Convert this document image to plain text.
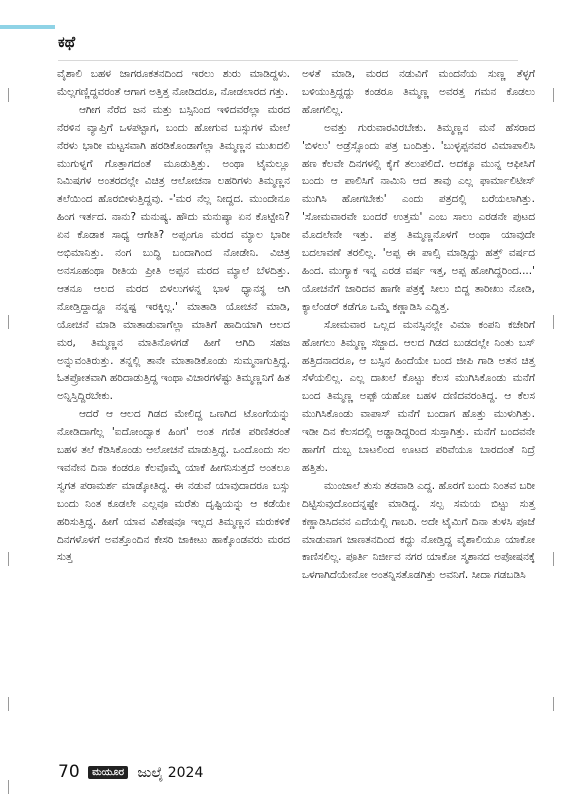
ಕಥೆ

ವೈಶಾಲಿ ಬಹಳ ಜಾಗರೂಕತನದಿಂದ ಇರಲು ಶುರು ಮಾಡಿದ್ದಳು. ಮೆಲ್ಲಗಣ್ಣಿದ್ದವರಂತೆ ಆಗಾಗ ಅತ್ತಿತ್ತ ನೋಡಿದರೂ, ನೋಡಲಾರದ ಗತ್ತು.

ಆಗೀಗ ನೆರೆದ ಜನ ಮತ್ತು ಬಸ್ಸಿನಿಂದ ಇಳಿದವರೆಲ್ಲಾ ಮರದ ನೆರಳಿನ ವ್ಯಾಪ್ತಿಗೆ ಒಳಪಟ್ಟಾಗ, ಬಂದು ಹೋಗುವ ಬಸ್ಸುಗಳ ಮೇಲೆ ನೆರಳು ಭಾರೀ ಮಟ್ಟಸವಾಗಿ ಹರಡಿಕೊಂಡಾಗೆಲ್ಲಾ ತಿಮ್ಮಣ್ಣನ ಮುಖದಲಿ ಮುಗುಳ್ನಗೆ ಗೊತ್ತಾಗದಂತೆ ಮೂಡುತ್ತಿತ್ತು. ಅಂಥಾ ಟೈಮಲ್ಲೂ ನಿಮಿಷಗಳ ಅಂತರದಲ್ಲೇ ವಿಚಿತ್ರ ಆಲೋಚನಾ ಲಹರಿಗಳು ತಿಮ್ಮಣ್ಣನ ತಲೆಯಿಂದ ಹೊರಬೀಳುತ್ತಿದ್ದವು. -'ಮರ ನೆಲ್ಲ ನೀದ್ದದ. ಮುಂದೇನೂ ಹಿಂಗ ಇರ್ತದ. ನಾನು? ಮನುಷ್ಯ. ಹೌದು ಮನುಷ್ಯಾ ಏನ ಕೊಟ್ಟೇನಿ? ಏನ ಕೊಡಾಕ ಸಾಧ್ಯ ಆಗೇತಿ? ಅಪ್ಪಂಗೂ ಮರದ ಮ್ಯಾಲ ಭಾರೀ ಅಭಿಮಾನಿತ್ತು. ನಂಗ ಬುದ್ಧಿ ಬಂದಾಗಿಂದ ನೋಡೇನಿ. ವಿಚಿತ್ರ ಅನಸೂಹಂಥಾ ರೀತಿಯ ಪ್ರೀತಿ ಅಪ್ಪನ ಮರದ ಮ್ಯಾಲೆ ಬೆಳದಿತ್ತು. ಆತನೂ ಆಲದ ಮರದ ಬಿಳಲುಗಳನ್ನ ಭಾಳ ಧ್ಯಾನಸ್ಥ ಆಗಿ ನೋಡ್ತಿದ್ದಾದ್ದೂ ನನ್ನಷ್ಟ ಇರಕ್ಕಿಲ್ಲ.' ಮಾತಾಡಿ ಯೋಚನೆ ಮಾಡಿ, ಯೋಚನೆ ಮಾಡಿ ಮಾತಾಡುವಾಗೆಲ್ಲಾ ಮಾತಿಗೆ ಹಾದಿಯಾಗಿ ಆಲದ ಮರ, ತಿಮ್ಮಣ್ಣನ ಮಾತಿನೊಳಗಡೆ ಹೀಗೆ ಆಗಿದಿ ಸಹಜ ಅನ್ನುವಂತಿರುತ್ತು. ತನ್ನಲ್ಲಿ ತಾನೇ ಮಾತಾಡಿಕೊಂಡು ಸುಮ್ಮನಾಗುತ್ತಿದ್ದ. ಓತಪ್ರೋತವಾಗಿ ಹರಿದಾಡುತ್ತಿದ್ದ ಇಂಥಾ ವಿಚಾರಗಳೆಷ್ಟು ತಿಮ್ಮಣ್ಣನಿಗೆ ಹಿತ ಅನ್ನಿಸ್ತಿದ್ದಿರಬೇಕು.

ಆದರೆ ಆ ಆಲದ ಗಿಡದ ಮೇಲಿದ್ದ ಒಣಗಿದ ಟೊಂಗೆಯನ್ನು ನೋಡಿದಾಗೆಲ್ಲ 'ಐದೋಂದ್ವಾಕ ಹಿಂಗ' ಅಂತ ಗಣಿತ ಪರಿಣಿತರಂತೆ ಬಹಳ ತಲೆ ಕೆಡಿಸಿಕೊಂಡು ಆಲೋಚನೆ ಮಾಡುತ್ತಿದ್ದ. ಒಂದೊಂದು ಸಲ ಇವನೇನ ದಿನಾ ಕಂಡರೂ ಕೆಲವೊಮ್ಮೆ ಯಾಕೆ ಹೀಗನಿಸುತ್ತದೆ ಅಂತಲೂ ಸ್ವಗತ ಪರಾಮರ್ಶ ಮಾಡ್ಕೋತಿದ್ದ. ಈ ನಡುವೆ ಯಾವುದಾದರೂ ಬಸ್ಸು ಬಂದು ನಿಂತ ಕೂಡಲೇ ಎಲ್ಲವೂ ಮರೆತು ದೃಷ್ಟಿಯನ್ನು ಆ ಕಡೆಯೇ ಹರಿಸುತ್ತಿದ್ದ. ಹೀಗೆ ಯಾವ ವಿಶೇಷವೂ ಇಲ್ಲದ ತಿಮ್ಮಣ್ಣನ ಮರುಕಳಿಕೆ ದಿನಗಳೊಳಗೆ ಅವತ್ತೊಂದಿನ ಕೇಸರಿ ಜಾಕೀಟು ಹಾಕ್ಕೊಂಡವರು ಮರದ ಸುತ್ತ

ಅಳತೆ ಮಾಡಿ, ಮರದ ನಡುವಿಗೆ ಮಂದನೆಯ ಸುಣ್ಣ ತೆಳ್ಳಗೆ ಬಳಿಯುತ್ತಿದ್ದದ್ದು ಕಂಡರೂ ತಿಮ್ಮಣ್ಣ ಅವರತ್ತ ಗಮನ ಕೊಡಲು ಹೋಗಲಿಲ್ಲ.

ಅವತ್ತು ಗುರುವಾರವಿರಬೇಕು. ತಿಮ್ಮಣ್ಣನ ಮನೆ ಹೆಸರಾದ 'ಬಿಳಲು' ಅಡ್ರೆಸ್ಸೊಂದು ಪತ್ರ ಬಂದಿತ್ತು. 'ಬುಳ್ಳಪ್ಪನವರ ವಿಮಾಪಾಲಿಸಿ ಹಣ ಕೆಲವೇ ದಿನಗಳಲ್ಲಿ ಕೈಗೆ ತಲುಪಲಿದೆ. ಅದಕ್ಕೂ ಮುನ್ನ ಆಫೀಸಿಗೆ ಬಂದು ಆ ಪಾಲಿಸಿಗೆ ನಾಮಿನಿ ಆದ ತಾವು ಎಲ್ಲ ಫಾರ್ಮಾಲಿಟೀಸ್ ಮುಗಿಸಿ ಹೋಗಬೇಕು' ಎಂದು ಪತ್ರದಲ್ಲಿ ಬರೆಯಲಾಗಿತ್ತು. 'ಸೋಮವಾರವೇ ಬಂದರೆ ಉತ್ತಮ' ಎಂಬ ಸಾಲು ಎರಡನೇ ಪುಟದ ಮೊದಲೇನೇ ಇತ್ತು. ಪತ್ರ ತಿಮ್ಮಣ್ಣನೊಳಗೆ ಅಂಥಾ ಯಾವುದೇ ಬದಲಾವಣೆ ತರಲಿಲ್ಲ. 'ಅಪ್ಪ ಈ ಪಾಲ್ಸಿ ಮಾಡ್ಸಿದ್ದು ಹತ್ತ್ ವರ್ಷದ ಹಿಂದ. ಮುಗ್ಯಾಕ ಇನ್ನ ಎರಡ ವರ್ಷ ಇತ್ತ, ಅಪ್ಪ ಹೋಗಿದ್ದರಿಂದ....' ಯೋಚನೆಗೆ ಜಾರಿದವ ಹಾಗೇ ಪತ್ರಕ್ಕೆ ಸೀಲು ಬಿದ್ದ ತಾರೀಖು ನೋಡಿ, ಕ್ಯಾಲೆಂಡರ್ ಕಡೆಗೂ ಒಮ್ಮೆ ಕಣ್ಣಾಡಿಸಿ ಎದ್ದಿತ್ತ.

ಸೋಮವಾರ ಒಲ್ಲದ ಮನಸ್ಸಿನಲ್ಲೇ ವಿಮಾ ಕಂಪನಿ ಕಚೇರಿಗೆ ಹೋಗಲು ತಿಮ್ಮಣ್ಣ ಸಜ್ಜಾದ. ಆಲದ ಗಿಡದ ಬುಡದಲ್ಲೇ ನಿಂತು ಬಸ್ ಹತ್ತಿದನಾದರೂ, ಆ ಬಸ್ಸಿನ ಹಿಂದೆಯೇ ಬಂದ ಜೀಪಿ ಗಾಡಿ ಅತನ ಚಿತ್ತ ಸೆಳೆಯಲಿಲ್ಲ. ಎಲ್ಲ ದಾಖಲೆ ಕೊಟ್ಟು ಕೆಲಸ ಮುಗಿಸಿಕೊಂಡು ಮನೆಗೆ ಬಂದ ತಿಮ್ಮಣ್ಣ ಅಪ್ಪಾ್ಯಹೋ ಬಹಳ ದಣಿದವರಂತಿದ್ದ. ಆ ಕೆಲಸ ಮುಗಿಸಿಕೊಂಡು ವಾಪಾಸ್ ಮನೆಗೆ ಬಂದಾಗ ಹೊತ್ತು ಮುಳುಗಿತ್ತು. ಇಡೀ ದಿನ ಕೆಲಸದಲ್ಲಿ ಅಡ್ಡಾಡಿದ್ದರಿಂದ ಸುಸ್ತಾಗಿತ್ತು. ಮನೆಗೆ ಬಂದವನೇ ಹಾಗೆಗೆ ದುಬ್ಬ ಬಾಟಲಿಂದ ಊಟದ ಪರಿವೆಯೂ ಬಾರದಂತೆ ನಿದ್ರೆ ಹತ್ತಿತು.

ಮುಂಜಾಲೆ ತುಸು ತಡವಾಡಿ ಎದ್ದ. ಹೊರಗೆ ಬಂದು ನಿಂತವ ಬರೀ ದಿಟ್ಟಿಸುವುದೊಂದನ್ನಷ್ಟೇ ಮಾಡಿದ್ದ. ಸಲ್ಪ ಸಮಯ ಬಿಟ್ಟು ಸುತ್ತ ಕಣ್ಣಾಡಿಸಿದವನ ಎದೆಯಲ್ಲಿ ಗಾಬರಿ. ಅದೇ ಟೈಮಿಗೆ ದಿನಾ ತುಳಸಿ ಪೂಜೆ ಮಾಡುವಾಗ ಜಾಣತನದಿಂದ ಕದ್ದು ನೋಡ್ತಿದ್ದ ವೈಶಾಲಿಯೂ ಯಾಕೋ ಕಾಣಿಸಲಿಲ್ಲ. ಪೂರ್ತಿ ನಿರ್ಜೀವ ನಗರ ಯಾಕೋ ಸ್ಮಶಾನದ ಅಪೋಷನಕ್ಕೆ ಒಳಗಾಗಿದೆಯೇನೋ ಅಂತನ್ನಿಸತೊಡಗಿತ್ತು ಅವನಿಗೆ. ಸೀದಾ ಗಡಬಡಿಸಿ

70 ಮಯೂರ ಜುಲೈ 2024
